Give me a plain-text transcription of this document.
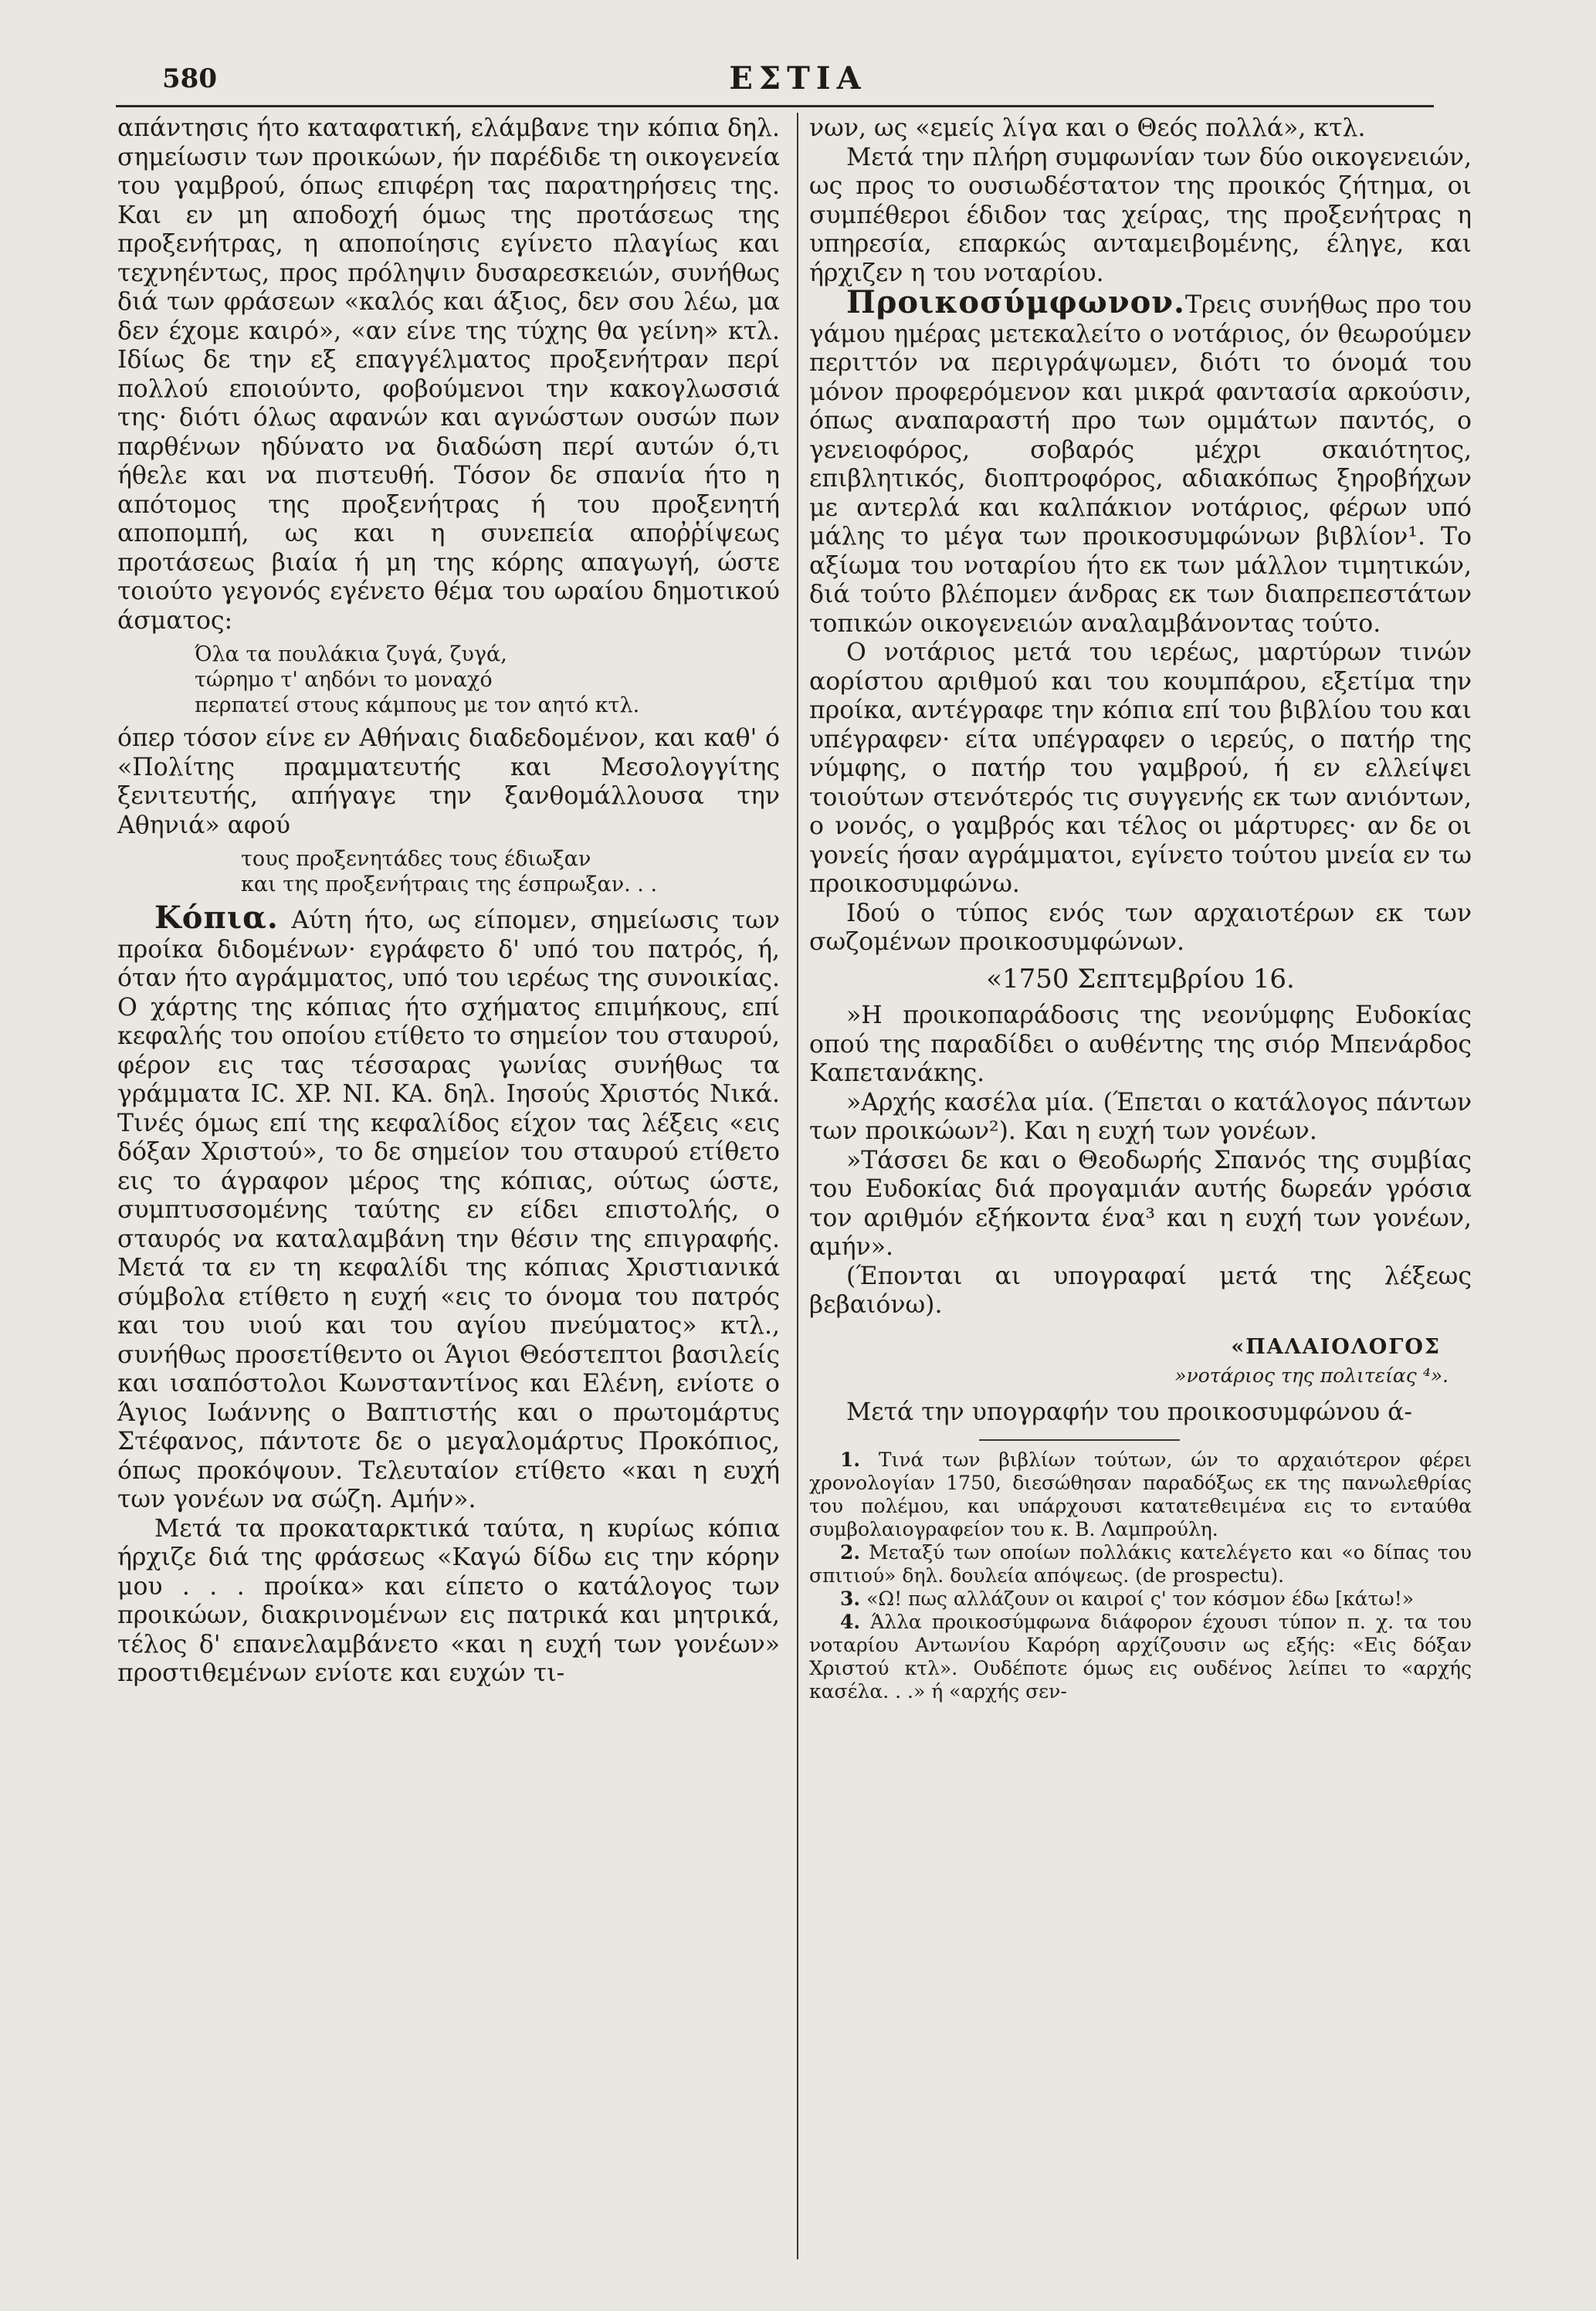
580	ΕΣΤΙΑ

απάντησις ήτο καταφατική, ελάμβανε την κόπια δηλ. σημείωσιν των προικώων, ήν παρέδιδε τη οικογενεία του γαμβρού, όπως επιφέρη τας παρατηρήσεις της. Και εν μη αποδοχή όμως της προτάσεως της προξενήτρας, η αποποίησις εγίνετο πλαγίως και τεχνηέντως, προς πρόληψιν δυσαρεσκειών, συνήθως διά των φράσεων «καλός και άξιος, δεν σου λέω, μα δεν έχομε καιρό», «αν είνε της τύχης θα γείνη» κτλ. Ιδίως δε την εξ επαγγέλματος προξενήτραν περί πολλού εποιούντο, φοβούμενοι την κακογλωσσιά της· διότι όλως αφανών και αγνώστων ουσών πων παρθένων ηδύνατο να διαδώση περί αυτών ό,τι ήθελε και να πιστευθή. Τόσον δε σπανία ήτο η απότομος της προξενήτρας ή του προξενητή αποπομπή, ως και η συνεπεία αποῤῥίψεως προτάσεως βιαία ή μη της κόρης απαγωγή, ώστε τοιούτο γεγονός εγένετο θέμα του ωραίου δημοτικού άσματος:

Όλα τα πουλάκια ζυγά, ζυγά,
τώρημο τ' αηδόνι το μοναχό
περπατεί στους κάμπους με τον αητό κτλ.

όπερ τόσον είνε εν Αθήναις διαδεδομένον, και καθ' ό «Πολίτης πραμματευτής και Μεσολογγίτης ξενιτευτής, απήγαγε την ξανθομάλλουσα την Αθηνιά» αφού

τους προξενητάδες τους έδιωξαν
και της προξενήτραις της έσπρωξαν. . .

Κόπια. Αύτη ήτο, ως είπομεν, σημείωσις των προίκα διδομένων· εγράφετο δ' υπό του πατρός, ή, όταν ήτο αγράμματος, υπό του ιερέως της συνοικίας. Ο χάρτης της κόπιας ήτο σχήματος επιμήκους, επί κεφαλής του οποίου ετίθετο το σημείον του σταυρού, φέρον εις τας τέσσαρας γωνίας συνήθως τα γράμματα IC. XP. NI. KA. δηλ. Ιησούς Χριστός Νικά. Τινές όμως επί της κεφαλίδος είχον τας λέξεις «εις δόξαν Χριστού», το δε σημείον του σταυρού ετίθετο εις το άγραφον μέρος της κόπιας, ούτως ώστε, συμπτυσσομένης ταύτης εν είδει επιστολής, ο σταυρός να καταλαμβάνη την θέσιν της επιγραφής. Μετά τα εν τη κεφαλίδι της κόπιας Χριστιανικά σύμβολα ετίθετο η ευχή «εις το όνομα του πατρός και του υιού και του αγίου πνεύματος» κτλ., συνήθως προσετίθεντο οι Άγιοι Θεόστεπτοι βασιλείς και ισαπόστολοι Κωνσταντίνος και Ελένη, ενίοτε ο Άγιος Ιωάννης ο Βαπτιστής και ο πρωτομάρτυς Στέφανος, πάντοτε δε ο μεγαλομάρτυς Προκόπιος, όπως προκόψουν. Τελευταίον ετίθετο «και η ευχή των γονέων να σώζη. Αμήν».

Μετά τα προκαταρκτικά ταύτα, η κυρίως κόπια ήρχιζε διά της φράσεως «Καγώ δίδω εις την κόρην μου . . . προίκα» και είπετο ο κατάλογος των προικώων, διακρινομένων εις πατρικά και μητρικά, τέλος δ' επανελαμβάνετο «και η ευχή των γονέων» προστιθεμένων ενίοτε και ευχών τι-

νων, ως «εμείς λίγα και ο Θεός πολλά», κτλ.

Μετά την πλήρη συμφωνίαν των δύο οικογενειών, ως προς το ουσιωδέστατον της προικός ζήτημα, οι συμπέθεροι έδιδον τας χείρας, της προξενήτρας η υπηρεσία, επαρκώς ανταμειβομένης, έληγε, και ήρχιζεν η του νοταρίου.

Προικοσύμφωνον.Τρεις συνήθως προ του γάμου ημέρας μετεκαλείτο ο νοτάριος, όν θεωρούμεν περιττόν να περιγράψωμεν, διότι το όνομά του μόνον προφερόμενον και μικρά φαντασία αρκούσιν, όπως αναπαραστή προ των ομμάτων παντός, ο γενειοφόρος, σοβαρός μέχρι σκαιότητος, επιβλητικός, διοπτροφόρος, αδιακόπως ξηροβήχων με αντερλά και καλπάκιον νοτάριος, φέρων υπό μάλης το μέγα των προικοσυμφώνων βιβλίον¹. Το αξίωμα του νοταρίου ήτο εκ των μάλλον τιμητικών, διά τούτο βλέπομεν άνδρας εκ των διαπρεπεστάτων τοπικών οικογενειών αναλαμβάνοντας τούτο.

Ο νοτάριος μετά του ιερέως, μαρτύρων τινών αορίστου αριθμού και του κουμπάρου, εξετίμα την προίκα, αντέγραφε την κόπια επί του βιβλίου του και υπέγραφεν· είτα υπέγραφεν ο ιερεύς, ο πατήρ της νύμφης, ο πατήρ του γαμβρού, ή εν ελλείψει τοιούτων στενότερός τις συγγενής εκ των ανιόντων, ο νονός, ο γαμβρός και τέλος οι μάρτυρες· αν δε οι γονείς ήσαν αγράμματοι, εγίνετο τούτου μνεία εν τω προικοσυμφώνω.

Ιδού ο τύπος ενός των αρχαιοτέρων εκ των σωζομένων προικοσυμφώνων.

«1750 Σεπτεμβρίου 16.

»Η προικοπαράδοσις της νεονύμφης Ευδοκίας οπού της παραδίδει ο αυθέντης της σιόρ Μπενάρδος Καπετανάκης.

»Αρχής κασέλα μία. (Έπεται ο κατάλογος πάντων των προικώων²). Και η ευχή των γονέων.

»Τάσσει δε και ο Θεοδωρής Σπανός της συμβίας του Ευδοκίας διά προγαμιάν αυτής δωρεάν γρόσια τον αριθμόν εξήκοντα ένα³ και η ευχή των γονέων, αμήν».

(Έπονται αι υπογραφαί μετά της λέξεως βεβαιόνω).

«ΠΑΛΑΙΟΛΟΓΟΣ
»νοτάριος της πολιτείας ⁴».

Μετά την υπογραφήν του προικοσυμφώνου ά-

1. Τινά των βιβλίων τούτων, ών το αρχαιότερον φέρει χρονολογίαν 1750, διεσώθησαν παραδόξως εκ της πανωλεθρίας του πολέμου, και υπάρχουσι κατατεθειμένα εις το ενταύθα συμβολαιογραφείον του κ. Β. Λαμπρούλη.

2. Μεταξύ των οποίων πολλάκις κατελέγετο και «ο δίπας του σπιτιού» δηλ. δουλεία απόψεως. (de prospectu).

3. «Ω! πως αλλάζουν οι καιροί ς' τον κόσμον έδω [κάτω!»

4. Άλλα προικοσύμφωνα διάφορον έχουσι τύπον π. χ. τα του νοταρίου Αντωνίου Καρόρη αρχίζουσιν ως εξής: «Εις δόξαν Χριστού κτλ». Ουδέποτε όμως εις ουδένος λείπει το «αρχής κασέλα. . .» ή «αρχής σεν-
